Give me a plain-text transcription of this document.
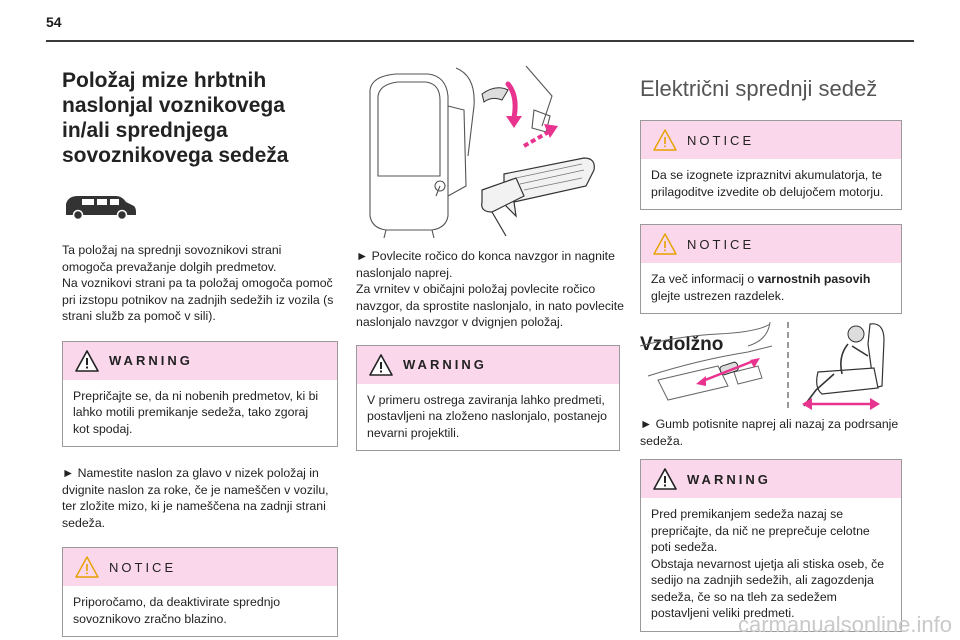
54
Položaj mize hrbtnih naslonjal voznikovega in/ali sprednjega sovoznikovega sedeža
Ta položaj na sprednji sovoznikovi strani omogoča prevažanje dolgih predmetov.
Na voznikovi strani pa ta položaj omogoča pomoč pri izstopu potnikov na zadnjih sedežih iz vozila (s strani služb za pomoč v sili).
WARNING
Prepričajte se, da ni nobenih predmetov, ki bi lahko motili premikanje sedeža, tako zgoraj kot spodaj.
► Namestite naslon za glavo v nizek položaj in dvignite naslon za roke, če je nameščen v vozilu, ter zložite mizo, ki je nameščena na zadnji strani sedeža.
NOTICE
Priporočamo, da deaktivirate sprednjo sovoznikovo zračno blazino.
► Povlecite ročico do konca navzgor in nagnite naslonjalo naprej.
Za vrnitev v običajni položaj povlecite ročico navzgor, da sprostite naslonjalo, in nato povlecite naslonjalo navzgor v dvignjen položaj.
WARNING
V primeru ostrega zaviranja lahko predmeti, postavljeni na zloženo naslonjalo, postanejo nevarni projektili.
Električni sprednji sedež
NOTICE
Da se izognete izpraznitvi akumulatorja, te prilagoditve izvedite ob delujočem motorju.
NOTICE
Za več informacij o varnostnih pasovih
glejte ustrezen razdelek.
Vzdolžno
► Gumb potisnite naprej ali nazaj za podrsanje sedeža.
WARNING
Pred premikanjem sedeža nazaj se prepričajte, da nič ne preprečuje celotne poti sedeža.
Obstaja nevarnost ujetja ali stiska oseb, če sedijo na zadnjih sedežih, ali zagozdenja sedeža, če so na tleh za sedežem postavljeni veliki predmeti.
carmanualsonline.info
